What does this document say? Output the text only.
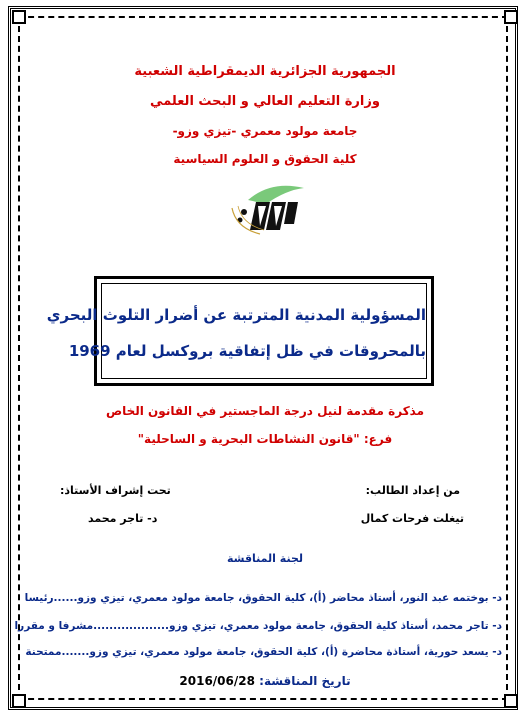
الجمهورية الجزائرية الديمقراطية الشعبية
وزارة التعليم العالي و البحث العلمي
جامعة مولود معمري -تيزي وزو-
كلية الحقوق و العلوم السياسية
المسؤولية المدنية المترتبة عن أضرار التلوث البحري
بالمحروقات في ظل إتفاقية بروكسل لعام 1969
مذكرة مقدمة لنيل درجة الماجستير في القانون الخاص
فرع: "قانون النشاطات البحرية و الساحلية"
من إعداد الطالب:
تيغلت فرحات كمال
تحت إشراف الأستاذ:
د- تاجر محمد
لجنة المناقشة
د- بوختمه عبد النور، أستاذ محاضر (أ)، كلية الحقوق، جامعة مولود معمري، تيزي وزو......رئيسا
د- تاجر محمد، أستاذ كلية الحقوق، جامعة مولود معمري، تيزي وزو...................مشرفا و مقررا
د- يسعد حورية، أستاذة محاضرة (أ)، كلية الحقوق، جامعة مولود معمري، تيزي وزو.......ممتحنة
تاريخ المناقشة: 2016/06/28
